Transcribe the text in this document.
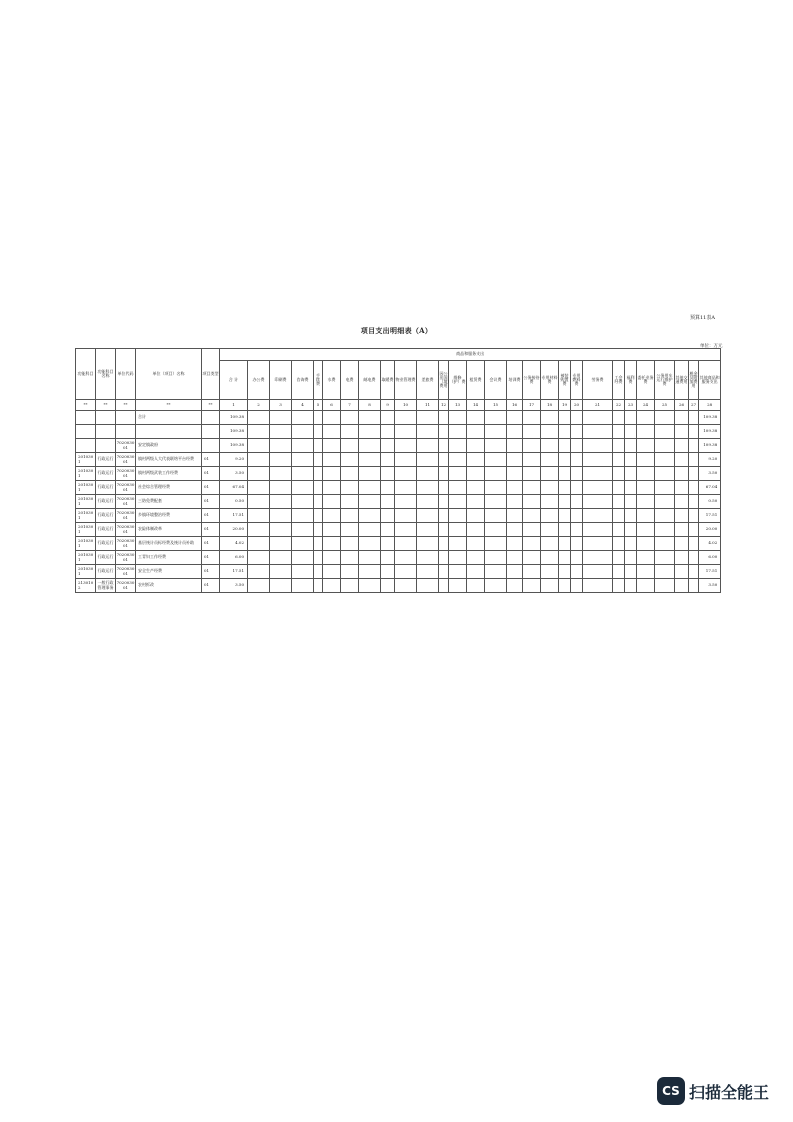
预算11表A
项目支出明细表（A）
单位：万元
功能科目	功能科目名称	单位代码	单位（项目）名称	项目类型	商品和服务支出																											
					合 计	办公费	印刷费	咨询费	手续费	水费	电费	邮电费	取暖费	物业管理费	差旅费	因公出国（境）费用	维修（护）费	租赁费	会议费	培训费	公务接待费	专用材料费	被装购置费	专用燃料费	劳务费	工会经费	福利费	委托业务费	公务用车运行维护费	其他交通费用	税金及附加费用	其他商品和服务支出
**	**	**	**	**	1	2	3	4	5	6	7	8	9	10	11	12	13	14	15	16	17	18	19	20	21	22	23	24	25	26	27	28
			合计		109.38																											109.38
					109.38																											109.38
		7020030 01	安定镇政府		109.38																											109.38
2010301	行政运行	7020030 01	镇村两级人大代表联络平台经费	01	9.20																											9.20
2010301	行政运行	7020030 01	镇村两级武装工作经费	01	3.50																											3.50
2010301	行政运行	7020030 01	社会综合管理经费	01	67.04																											67.04
2010301	行政运行	7020030 01	三防免费配套	01	0.50																											0.50
2010301	行政运行	7020030 01	乡镇环境整治经费	01	17.51																											17.51
2010301	行政运行	7020030 01	农险体制改革	01	20.00																											20.00
2010301	行政运行	7020030 01	基层统计员标经费及统计员补助	01	4.02																											4.02
2010301	行政运行	7020030 01	工青妇工作经费	01	6.00																											6.00
2010301	行政运行	7020030 01	安全生产经费	01	17.51																											17.51
2130102	一般行政管理事务	7020030 01	农村拆改	01	3.50																											3.50
CS 扫描全能王
